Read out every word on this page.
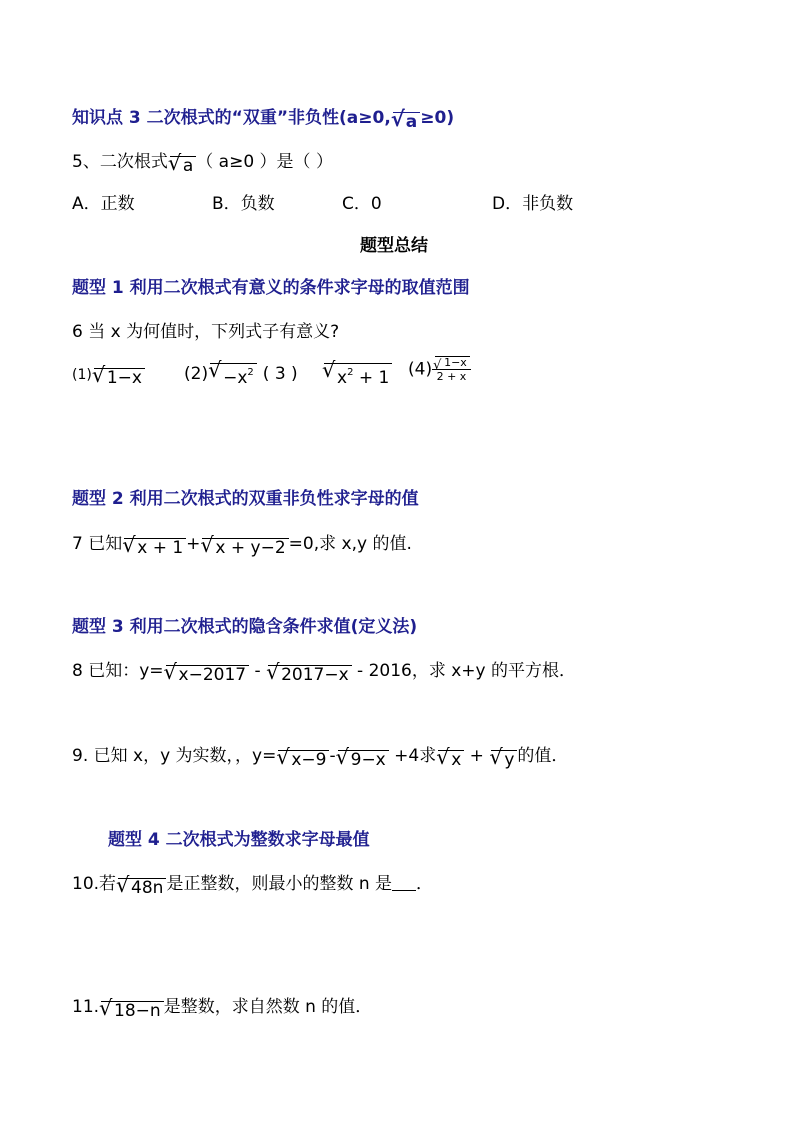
知识点 3 二次根式的“双重”非负性(a≥0,√ a ≥0)
5、二次根式√ a （ a≥0 ）是（ ）
A．正数	B．负数	C．0	D．非负数
题型总结
题型 1 利用二次根式有意义的条件求字母的取值范围
6 当 x 为何值时，下列式子有意义?
(1)√ 1−x $(2)√ -x^2$ ( 3 )
√	$x^2 + 1$ (4)
√ $\frac{1-x}{2 + x}$
题型 2 利用二次根式的双重非负性求字母的值
7 已知√ x + 1 +√ x + y−2 =0,求 x,y 的值.
题型 3 利用二次根式的隐含条件求值(定义法)
8 已知：y=√ x−2017 - √ 2017−x - 2016，求 x+y 的平方根．
9. 已知 x，y 为实数，，y=√ x−9 -√ 9−x +4求√ x + √ y 的值．
题型 4 二次根式为整数求字母最值
10.若√ 48n 是正整数，则最小的整数 n 是 ．
11.√ 18−n 是整数，求自然数 n 的值．
